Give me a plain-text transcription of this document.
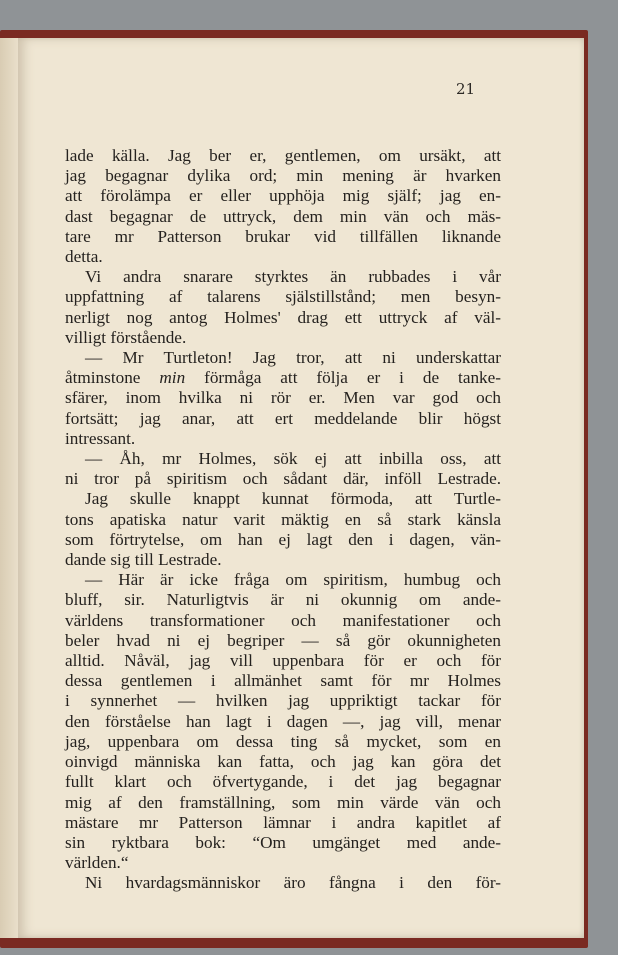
21
lade källa. Jag ber er, gentlemen, om ursäkt, att
jag begagnar dylika ord; min mening är hvarken
att förolämpa er eller upphöja mig själf; jag en-
dast begagnar de uttryck, dem min vän och mäs-
tare mr Patterson brukar vid tillfällen liknande
detta.
Vi andra snarare styrktes än rubbades i vår
uppfattning af talarens själstillstånd; men besyn-
nerligt nog antog Holmes' drag ett uttryck af väl-
villigt förstående.
— Mr Turtleton! Jag tror, att ni underskattar
åtminstone min förmåga att följa er i de tanke-
sfärer, inom hvilka ni rör er. Men var god och
fortsätt; jag anar, att ert meddelande blir högst
intressant.
— Åh, mr Holmes, sök ej att inbilla oss, att
ni tror på spiritism och sådant där, inföll Lestrade.
Jag skulle knappt kunnat förmoda, att Turtle-
tons apatiska natur varit mäktig en så stark känsla
som förtrytelse, om han ej lagt den i dagen, vän-
dande sig till Lestrade.
— Här är icke fråga om spiritism, humbug och
bluff, sir. Naturligtvis är ni okunnig om ande-
världens transformationer och manifestationer och
beler hvad ni ej begriper — så gör okunnigheten
alltid. Nåväl, jag vill uppenbara för er och för
dessa gentlemen i allmänhet samt för mr Holmes
i synnerhet — hvilken jag uppriktigt tackar för
den förståelse han lagt i dagen —, jag vill, menar
jag, uppenbara om dessa ting så mycket, som en
oinvigd människa kan fatta, och jag kan göra det
fullt klart och öfvertygande, i det jag begagnar
mig af den framställning, som min värde vän och
mästare mr Patterson lämnar i andra kapitlet af
sin ryktbara bok: “Om umgänget med ande-
världen.“
Ni hvardagsmänniskor äro fångna i den för-
